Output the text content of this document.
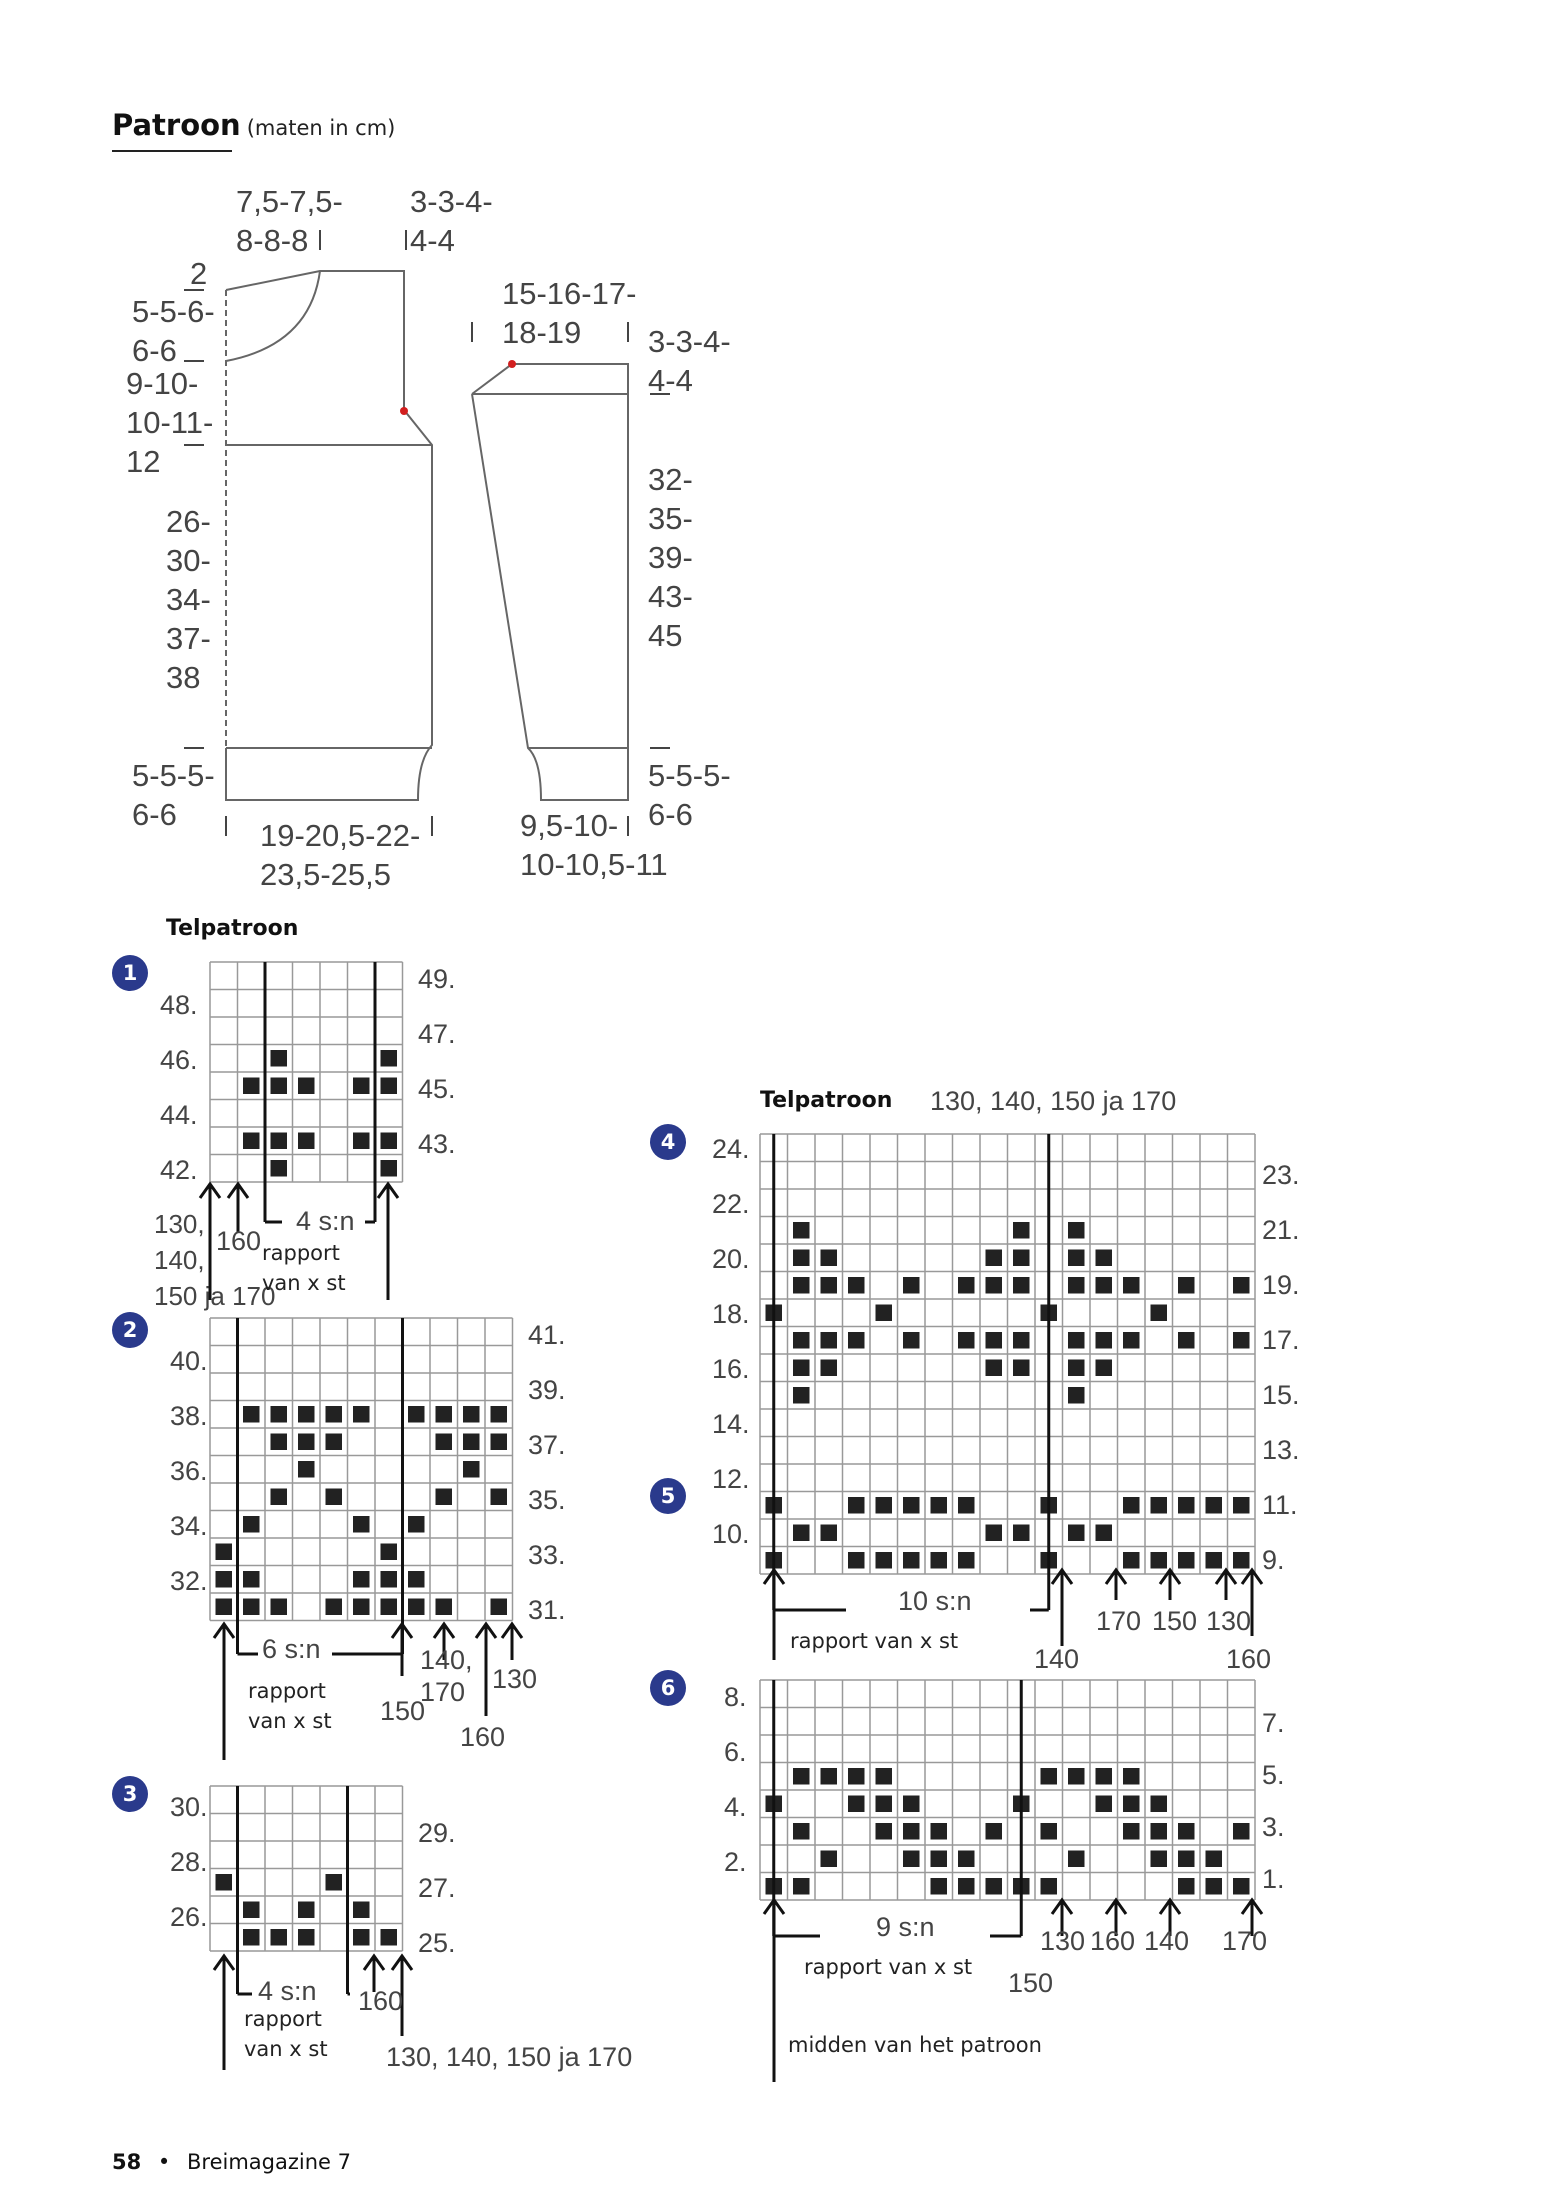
Patroon (maten in cm)
7,5-7,5-
8-8-8
3-3-4-
4-4
2
5-5-6-
6-6
9-10-
10-11-
12
26-
30-
34-
37-
38
5-5-5-
6-6
19-20,5-22-
23,5-25,5
15-16-17-
18-19	3-3-4-
4-4
32-
35-
39-
43-
45
5-5-5-
6-6
9,5-10-
10-10,5-11
Telpatroon
1
48.
46.
44.
42.
49.
47.
45.
43.
4 s:n
130,
140,
150 ja 170
160 rapport
van x st
2
40.
38.
36.
34.
32.
41.
39.
37.
35.
33.
31.
6 s:n
rapport
van x st 150
140,
170
160
130
3	30.
28.
26.
29.
27.
25.
4 s:n
rapport
van x st
160
130, 140, 150 ja 170
Telpatroon 130, 140, 150 ja 170
4
5
24.
22.
20.
18.
16.
14.
12.
10.
23.
21.
19.
17.
15.
13.
11.
9.
10 s:n
rapport van x st
140
170 150 130
160
6	8.
6.
4.
2.
7.
5.
3.
1.
9 s:n
rapport van x st
130 160 140 170
150
midden van het patroon
58 • Breimagazine 7
